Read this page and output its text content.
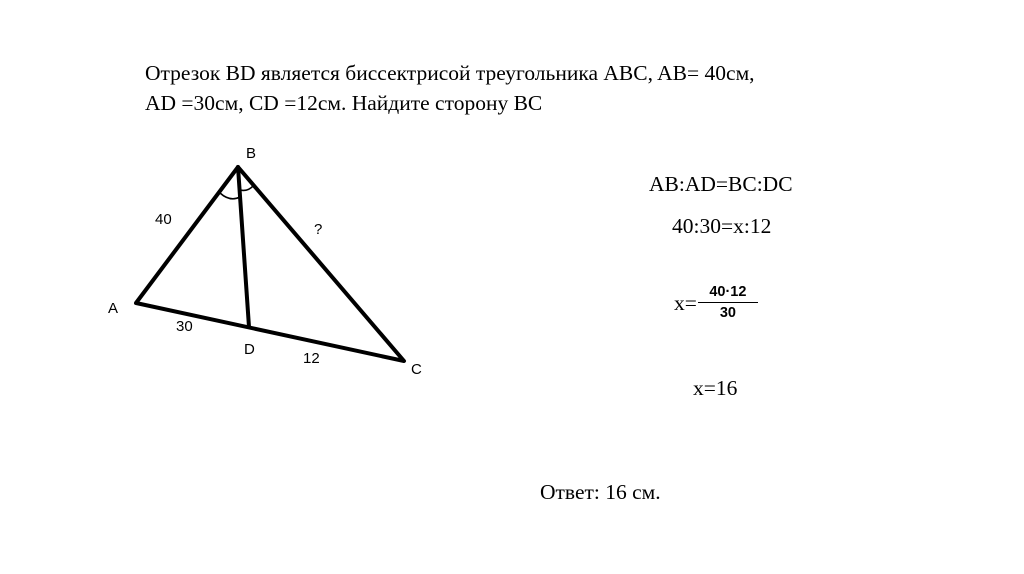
Отрезок BD является биссектрисой треугольника ABC, AB= 40см,
AD =30см, CD =12см. Найдите сторону BC
B
A
D
C
40
?
30
12
AB:AD=BC:DC
40:30=x:12
$x= \frac{40\cdot 12}{30}$
x=16
Ответ: 16 см.
